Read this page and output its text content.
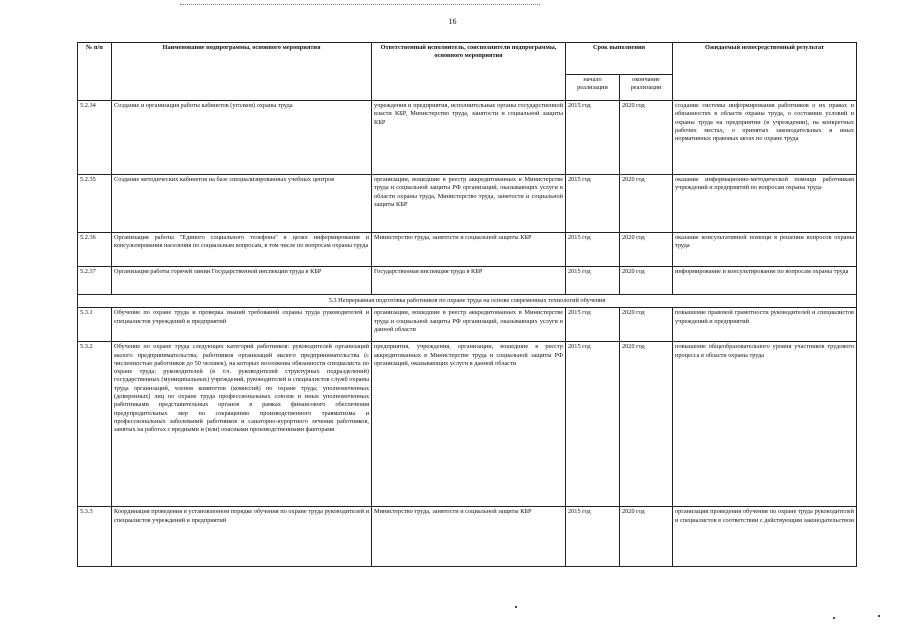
16
№ п/п	Наименование подпрограммы, основного мероприятия	Ответственный исполнитель, соисполнители подпрограммы, основного мероприятия	Срок выполнения		Ожидаемый непосредственный результат
			начало реализации	окончание реализации	
5.2.34	Создание и организация работы кабинетов (уголков) охраны труда	учреждения и предприятия, исполнительные органы государственной власти КБР, Министерство труда, занятости и социальной защиты КБР	2015 год	2020 год	создание системы информирования работников о их правах и обязанностях в области охраны труда, о состоянии условий и охраны труда на предприятии (в учреждении), на конкретных рабочих местах, о принятых законодательных и иных нормативных правовых актах по охране труда
5.2.35	Создание методических кабинетов на базе специализированных учебных центров	организации, вошедшие в реестр аккредитованных в Министерстве труда и социальной защиты РФ организаций, оказывающих услуги в области охраны труда, Министерство труда, занятости и социальной защиты КБР	2015 год	2020 год	оказание информационно-методической помощи работникам учреждений и предприятий по вопросам охраны труда
5.2.36	Организация работы "Единого социального телефона" в целях информирования и консультирования населения по социальным вопросам, в том числе по вопросам охраны труда	Министерство труда, занятости и социальной защиты КБР	2015 год	2020 год	оказание консультативной помощи в решении вопросов охраны труда
5.2.37	Организация работы горячей линии Государственной инспекции труда в КБР	Государственная инспекция труда в КБР	2015 год	2020 год	информирование и консультирование по вопросам охраны труда
5.3 Непрерывная подготовка работников по охране труда на основе современных технологий обучения					
5.3.1	Обучение по охране труда и проверка знаний требований охраны труда руководителей и специалистов учреждений и предприятий	организации, вошедшие в реестр аккредитованных в Министерстве труда и социальной защиты РФ организаций, оказывающих услуги в данной области	2015 год	2020 год	повышение правовой грамотности руководителей и специалистов учреждений и предприятий
5.3.2	Обучение по охране труда следующих категорий работников: руководителей организаций малого предпринимательства; работников организаций малого предпринимательства (с численностью работников до 50 человек), на которых возложены обязанности специалиста по охране труда; руководителей (в т.ч. руководителей структурных подразделений) государственных (муниципальных) учреждений, руководителей и специалистов служб охраны труда организаций, членов комитетов (комиссий) по охране труда; уполномоченных (доверенных) лиц по охране труда профессиональных союзов и иных уполномоченных работниками представительных органов в рамках финансового обеспечения предупредительных мер по сокращению производственного травматизма и профессиональных заболеваний работников и санаторно-курортного лечения работников, занятых на работах с вредными и (или) опасными производственными факторами	предприятия, учреждения, организации, вошедшие в реестр аккредитованных в Министерстве труда и социальной защиты РФ организаций, оказывающих услуги в данной области	2015 год	2020 год	повышение общеобразовательного уровня участников трудового процесса в области охраны труда
5.3.3	Координация проведения в установленном порядке обучения по охране труда руководителей и специалистов учреждений и предприятий	Министерство труда, занятости и социальной защиты КБР	2015 год	2020 год	организация проведения обучения по охране труда руководителей и специалистов в соответствии с действующим законодательством
